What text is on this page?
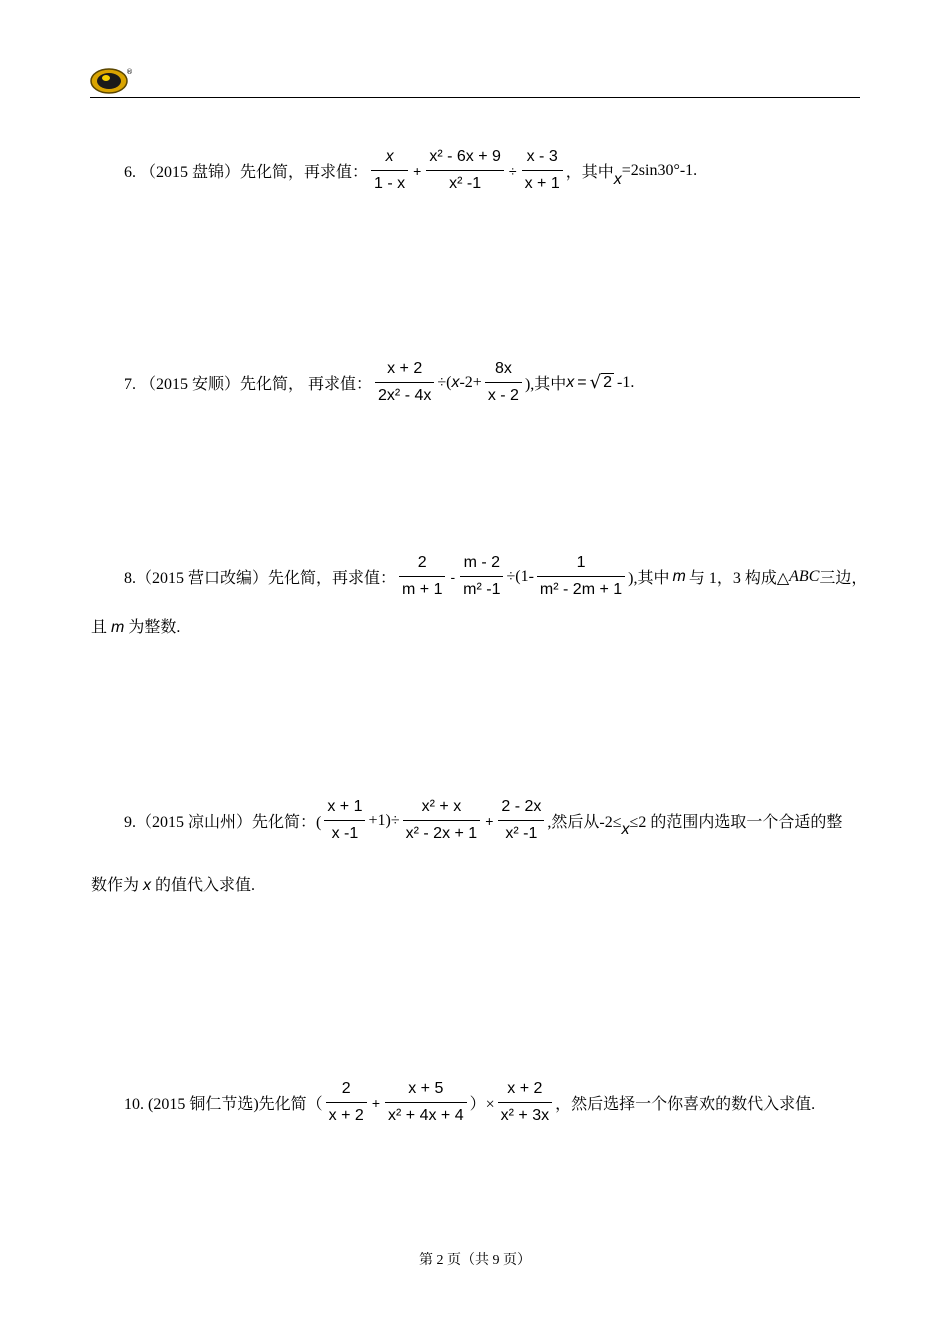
®
6. （2015 盘锦）先化简，再求值： $\frac{x}{1 - x} + \frac{\text{x² - 6x + 9}}{\text{x² -1}} \div \frac{x - 3}{x + 1}$ ，其中 x
=2sin30°-1.
7. （2015 安顺）先化简， 再求值： $\frac{x + 2}{\text{2x² - 4x}}$ ÷( x $-2+ \frac{8x}{x - 2}$ ),其中 x = √ 2 -1.
8.（2015 营口改编）先化简，再求值： $\frac{2}{m + 1} - \frac{m - 2}{\text{m² -1}} \div(1- \frac{1}{\text{m² - 2m + 1}}$ ),其中 m 与 1，3 构成△ ABC 三边，
且 m 为整数.
9.（2015 凉山州）先化简：( $\frac{x + 1}{x -1} +1)\div \frac{\text{x² + x}}{\text{x² - 2x + 1}} + \frac{2 - 2x}{\text{x² -1}}$ ,然后从-2≤ x ≤2 的范围内选取一个合适的整
数作为 x 的值代入求值.
10. (2015 铜仁节选)先化简（ $\frac{2}{x + 2} + \frac{x + 5}{\text{x² + 4x + 4}}$ ）× $\frac{x + 2}{\text{x² + 3x}}$ ，然后选择一个你喜欢的数代入求值.
第 2 页（共 9 页）
